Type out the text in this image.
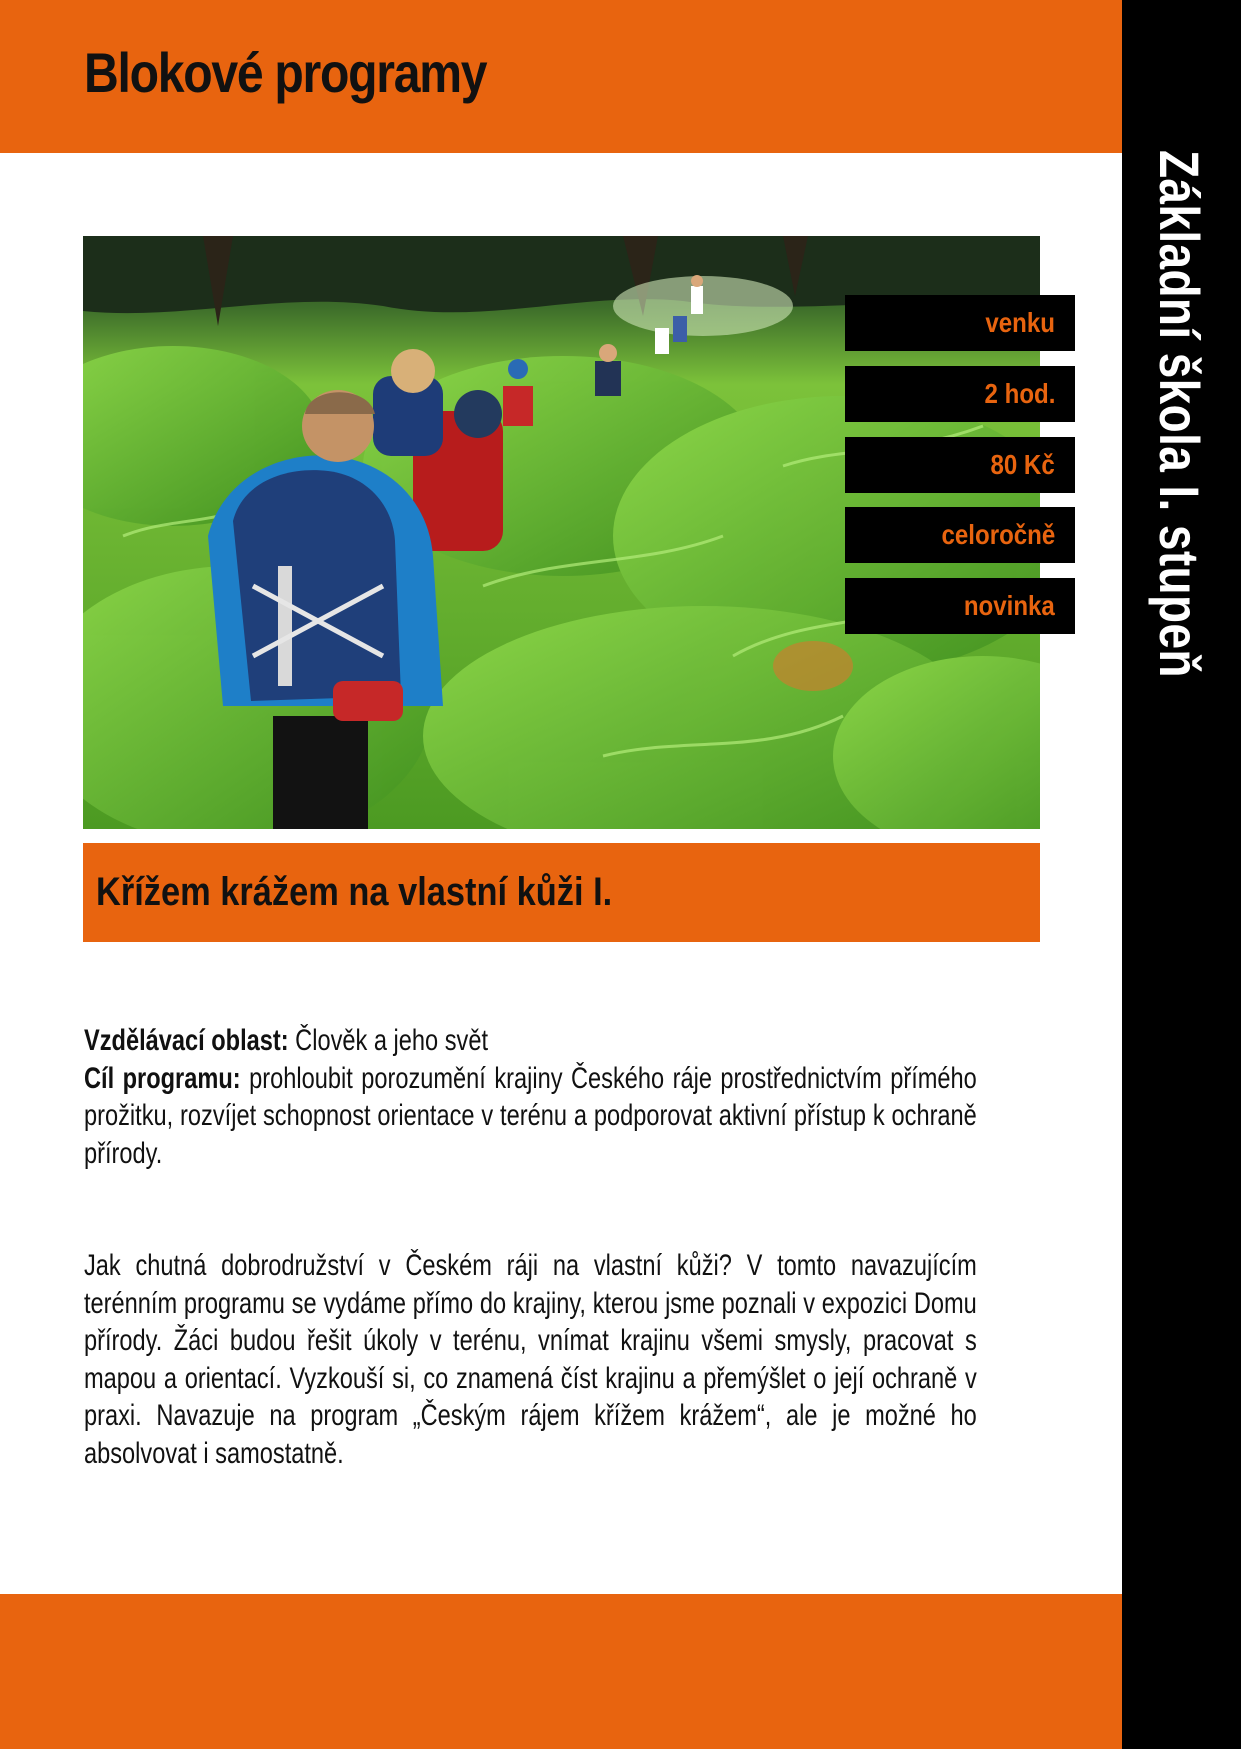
Blokové programy
Základní škola I. stupeň
venku
2 hod.
80 Kč
celoročně
novinka
Křížem krážem na vlastní kůži I.

Vzdělávací oblast: Člověk a jeho svět

Cíl programu: prohloubit porozumění krajiny Českého ráje prostřednictvím přímého prožitku, rozvíjet schopnost orientace v terénu a podporovat aktivní přístup k ochraně přírody.

Jak chutná dobrodružství v Českém ráji na vlastní kůži? V tomto navazujícím terénním programu se vydáme přímo do krajiny, kterou jsme poznali v expozici Domu přírody. Žáci budou řešit úkoly v terénu, vnímat krajinu všemi smysly, pracovat s mapou a orientací. Vyzkouší si, co znamená číst krajinu a přemýšlet o její ochraně v praxi. Navazuje na program „Českým rájem křížem krážem“, ale je možné ho absolvovat i samostatně.
